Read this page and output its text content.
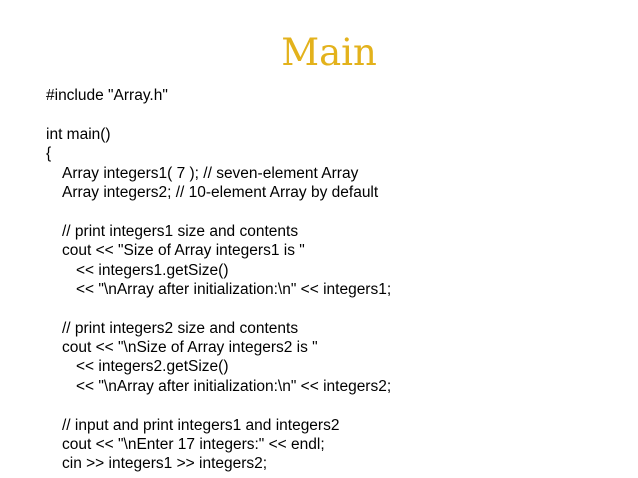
Main
#include "Array.h"
int main()
{
Array integers1( 7 ); // seven-element Array
Array integers2; // 10-element Array by default
// print integers1 size and contents
cout << "Size of Array integers1 is "
<< integers1.getSize()
<< "\nArray after initialization:\n" << integers1;
// print integers2 size and contents
cout << "\nSize of Array integers2 is "
<< integers2.getSize()
<< "\nArray after initialization:\n" << integers2;
// input and print integers1 and integers2
cout << "\nEnter 17 integers:" << endl;
cin >> integers1 >> integers2;
